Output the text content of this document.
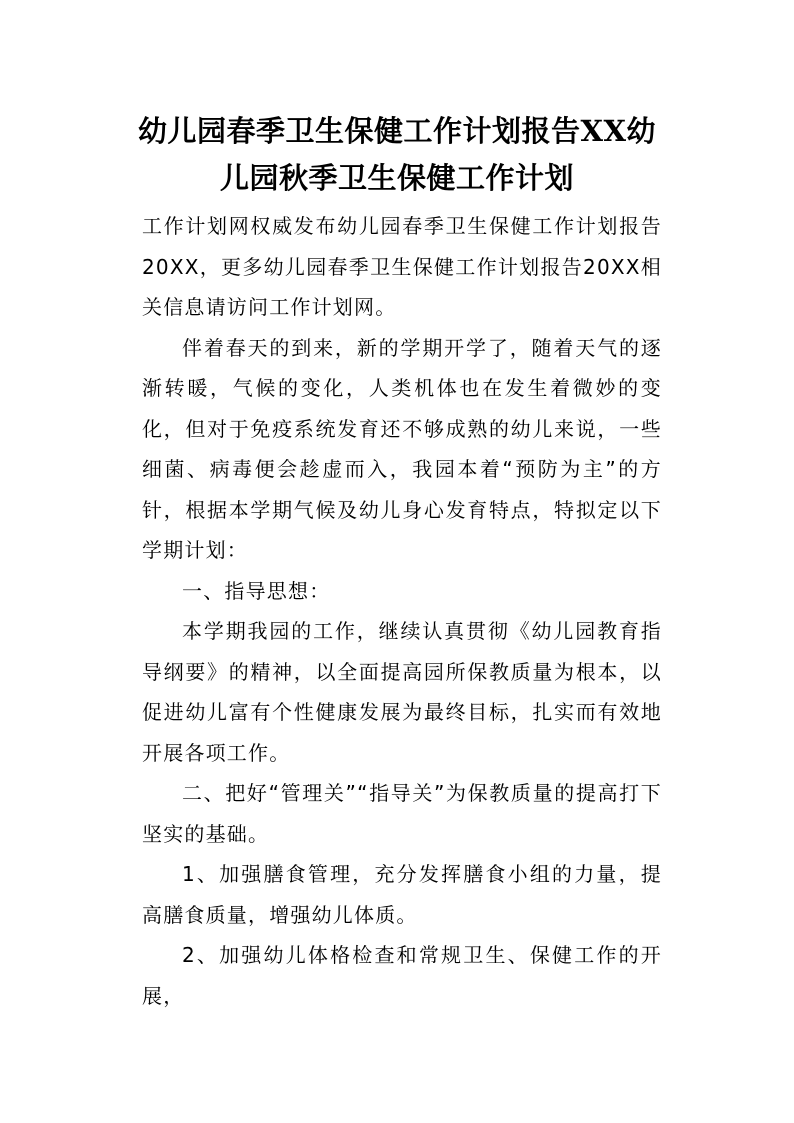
幼儿园春季卫生保健工作计划报告XX幼
儿园秋季卫生保健工作计划

工作计划网权威发布幼儿园春季卫生保健工作计划报告20XX，更多幼儿园春季卫生保健工作计划报告20XX相关信息请访问工作计划网。

伴着春天的到来，新的学期开学了，随着天气的逐渐转暖，气候的变化，人类机体也在发生着微妙的变化，但对于免疫系统发育还不够成熟的幼儿来说，一些细菌、病毒便会趁虚而入，我园本着“预防为主”的方针，根据本学期气候及幼儿身心发育特点，特拟定以下学期计划：

一、指导思想：

本学期我园的工作，继续认真贯彻《幼儿园教育指导纲要》的精神，以全面提高园所保教质量为根本，以促进幼儿富有个性健康发展为最终目标，扎实而有效地开展各项工作。

二、把好“管理关”“指导关”为保教质量的提高打下坚实的基础。

1、加强膳食管理，充分发挥膳食小组的力量，提高膳食质量，增强幼儿体质。

2、加强幼儿体格检查和常规卫生、保健工作的开展，
